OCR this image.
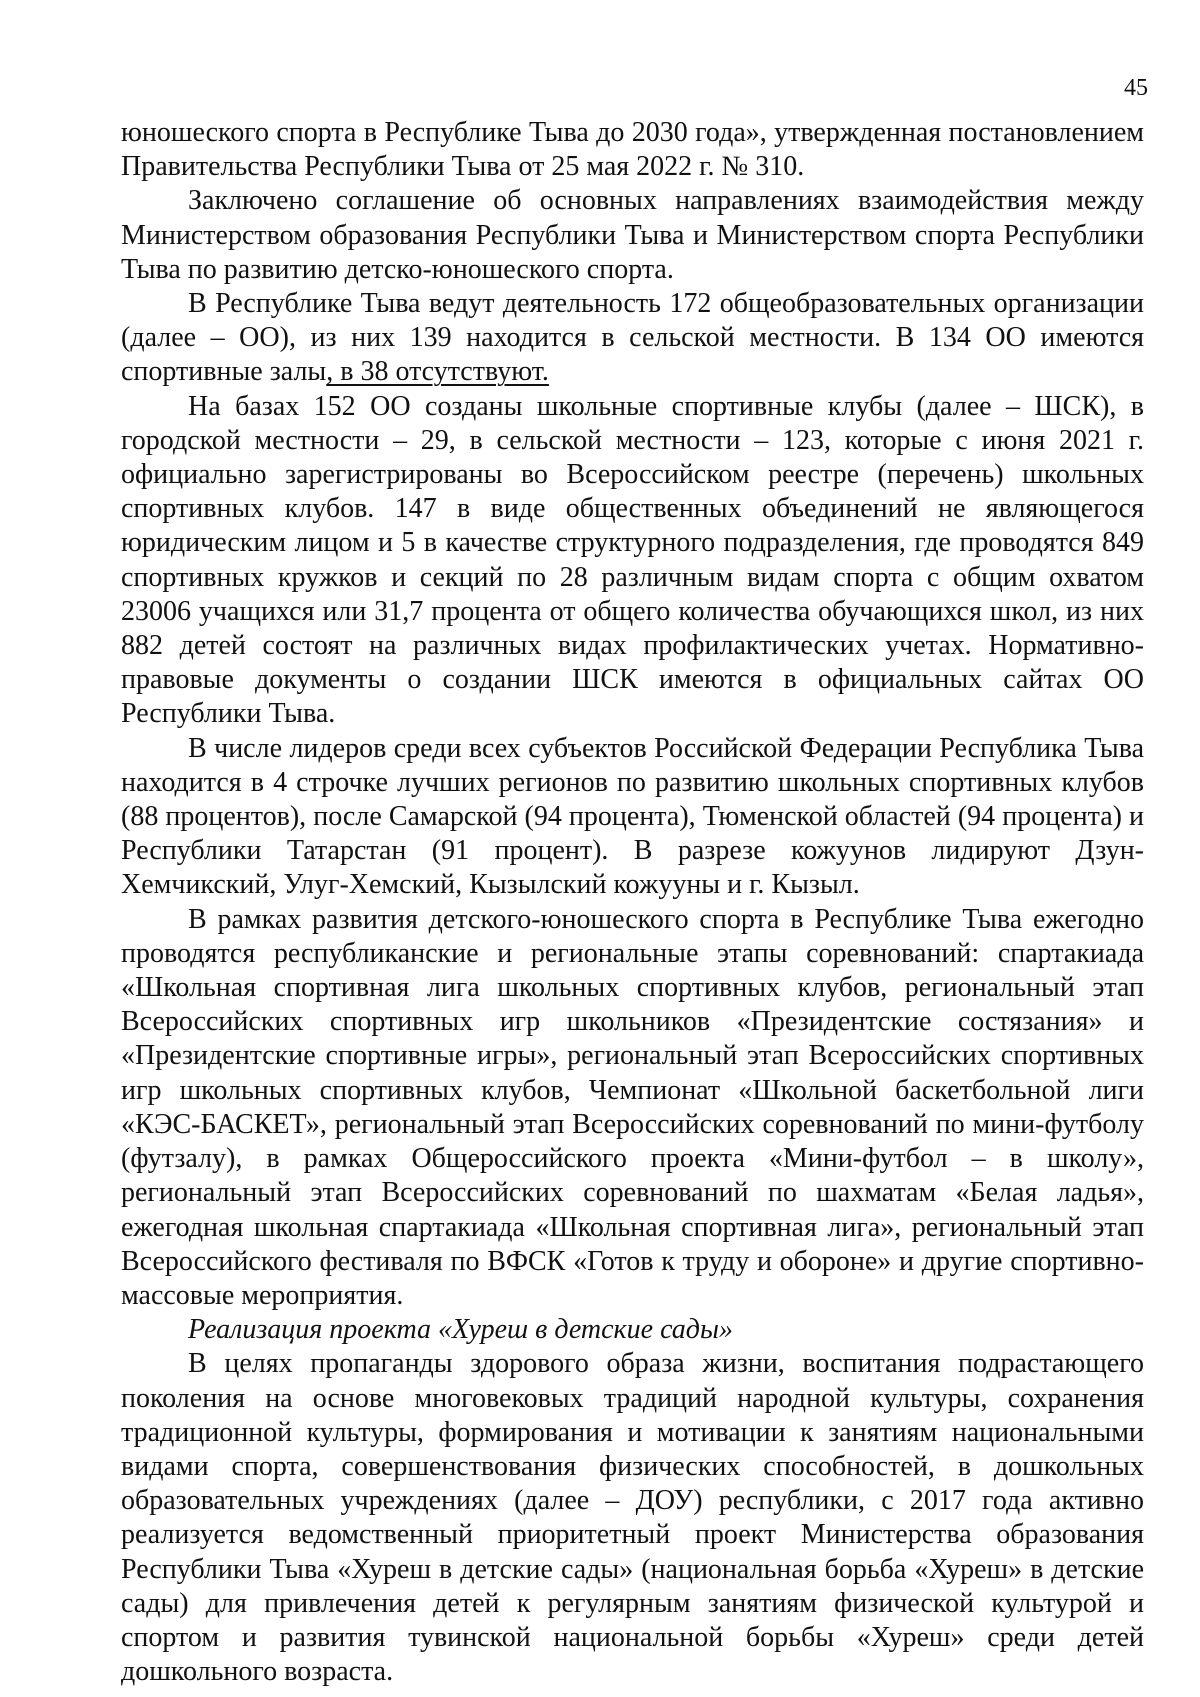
45

юношеского спорта в Республике Тыва до 2030 года», утвержденная постановлением Правительства Республики Тыва от 25 мая 2022 г. № 310.

Заключено соглашение об основных направлениях взаимодействия между Министерством образования Республики Тыва и Министерством спорта Республики Тыва по развитию детско-юношеского спорта.

В Республике Тыва ведут деятельность 172 общеобразовательных организации (далее – ОО), из них 139 находится в сельской местности. В 134 ОО имеются спортивные залы, в 38 отсутствуют.

На базах 152 ОО созданы школьные спортивные клубы (далее – ШСК), в городской местности – 29, в сельской местности – 123, которые с июня 2021 г. официально зарегистрированы во Всероссийском реестре (перечень) школьных спортивных клубов. 147 в виде общественных объединений не являющегося юридическим лицом и 5 в качестве структурного подразделения, где проводятся 849 спортивных кружков и секций по 28 различным видам спорта с общим охватом 23006 учащихся или 31,7 процента от общего количества обучающихся школ, из них 882 детей состоят на различных видах профилактических учетах. Нормативно-правовые документы о создании ШСК имеются в официальных сайтах ОО Республики Тыва.

В числе лидеров среди всех субъектов Российской Федерации Республика Тыва находится в 4 строчке лучших регионов по развитию школьных спортивных клубов (88 процентов), после Самарской (94 процента), Тюменской областей (94 процента) и Республики Татарстан (91 процент). В разрезе кожуунов лидируют Дзун-Хемчикский, Улуг-Хемский, Кызылский кожууны и г. Кызыл.

В рамках развития детского-юношеского спорта в Республике Тыва ежегодно проводятся республиканские и региональные этапы соревнований: спартакиада «Школьная спортивная лига школьных спортивных клубов, региональный этап Всероссийских спортивных игр школьников «Президентские состязания» и «Президентские спортивные игры», региональный этап Всероссийских спортивных игр школьных спортивных клубов, Чемпионат «Школьной баскетбольной лиги «КЭС-БАСКЕТ», региональный этап Всероссийских соревнований по мини-футболу (футзалу), в рамках Общероссийского проекта «Мини-футбол – в школу», региональный этап Всероссийских соревнований по шахматам «Белая ладья», ежегодная школьная спартакиада «Школьная спортивная лига», региональный этап Всероссийского фестиваля по ВФСК «Готов к труду и обороне» и другие спортивно-массовые мероприятия.

Реализация проекта «Хуреш в детские сады»

В целях пропаганды здорового образа жизни, воспитания подрастающего поколения на основе многовековых традиций народной культуры, сохранения традиционной культуры, формирования и мотивации к занятиям национальными видами спорта, совершенствования физических способностей, в дошкольных образовательных учреждениях (далее – ДОУ) республики, с 2017 года активно реализуется ведомственный приоритетный проект Министерства образования Республики Тыва «Хуреш в детские сады» (национальная борьба «Хуреш» в детские сады) для привлечения детей к регулярным занятиям физической культурой и спортом и развития тувинской национальной борьбы «Хуреш» среди детей дошкольного возраста.
